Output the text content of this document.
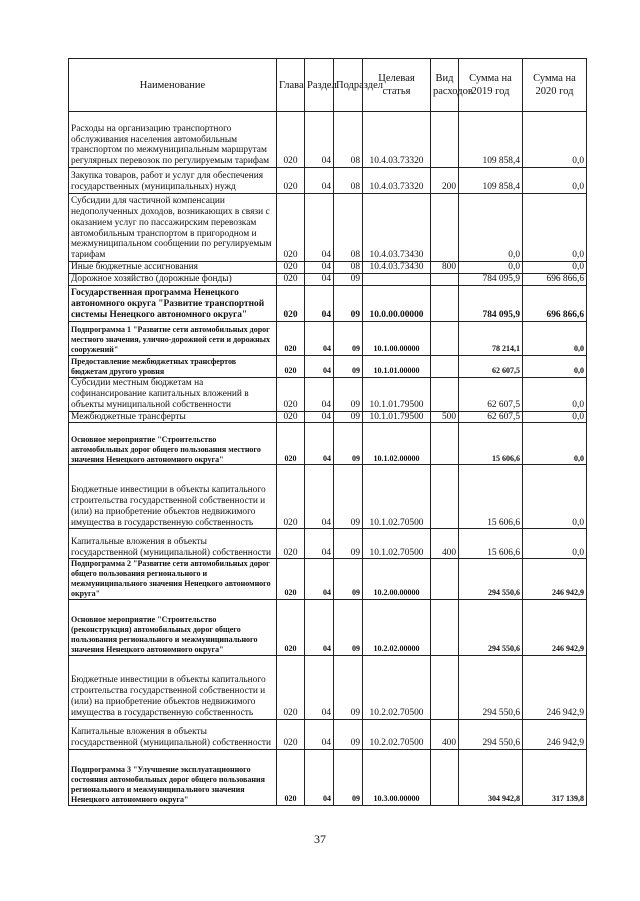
Наименование	Глава	Раздел	Подраздел	Целевая статья	Вид расходов	Сумма на 2019 год	Сумма на 2020 год
Расходы на организацию транспортного обслуживания населения автомобильным транспортом по межмуниципальным маршрутам регулярных перевозок по регулируемым тарифам	020	04	08	10.4.03.73320		109 858,4	0,0
Закупка товаров, работ и услуг для обеспечения государственных (муниципальных) нужд	020	04	08	10.4.03.73320	200	109 858,4	0,0
Субсидии для частичной компенсации недополученных доходов, возникающих в связи с оказанием услуг по пассажирским перевозкам автомобильным транспортом в пригородном и межмуниципальном сообщении по регулируемым тарифам	020	04	08	10.4.03.73430		0,0	0,0
Иные бюджетные ассигнования	020	04	08	10.4.03.73430	800	0,0	0,0
Дорожное хозяйство (дорожные фонды)	020	04	09			784 095,9	696 866,6
Государственная программа Ненецкого автономного округа "Развитие транспортной системы Ненецкого автономного округа"	020	04	09	10.0.00.00000		784 095,9	696 866,6
Подпрограмма 1 "Развитие сети автомобильных дорог местного значения, улично-дорожной сети и дорожных сооружений"	020	04	09	10.1.00.00000		78 214,1	0,0
Предоставление межбюджетных трансфертов бюджетам другого уровня	020	04	09	10.1.01.00000		62 607,5	0,0
Субсидии местным бюджетам на софинансирование капитальных вложений в объекты муниципальной собственности	020	04	09	10.1.01.79500		62 607,5	0,0
Межбюджетные трансферты	020	04	09	10.1.01.79500	500	62 607,5	0,0
Основное мероприятие "Строительство автомобильных дорог общего пользования местного значения Ненецкого автономного округа"	020	04	09	10.1.02.00000		15 606,6	0,0
Бюджетные инвестиции в объекты капитального строительства государственной собственности и (или) на приобретение объектов недвижимого имущества в государственную собственность	020	04	09	10.1.02.70500		15 606,6	0,0
Капитальные вложения в объекты государственной (муниципальной) собственности	020	04	09	10.1.02.70500	400	15 606,6	0,0
Подпрограмма 2 "Развитие сети автомобильных дорог общего пользования регионального и межмуниципального значения Ненецкого автономного округа"	020	04	09	10.2.00.00000		294 550,6	246 942,9
Основное мероприятие "Строительство (реконструкция) автомобильных дорог общего пользования регионального и межмуниципального значения Ненецкого автономного округа"	020	04	09	10.2.02.00000		294 550,6	246 942,9
Бюджетные инвестиции в объекты капитального строительства государственной собственности и (или) на приобретение объектов недвижимого имущества в государственную собственность	020	04	09	10.2.02.70500		294 550,6	246 942,9
Капитальные вложения в объекты государственной (муниципальной) собственности	020	04	09	10.2.02.70500	400	294 550,6	246 942,9
Подпрограмма 3 "Улучшение эксплуатационного состояния автомобильных дорог общего пользования регионального и межмуниципального значения Ненецкого автономного округа"	020	04	09	10.3.00.00000		304 942,8	317 139,8
37
